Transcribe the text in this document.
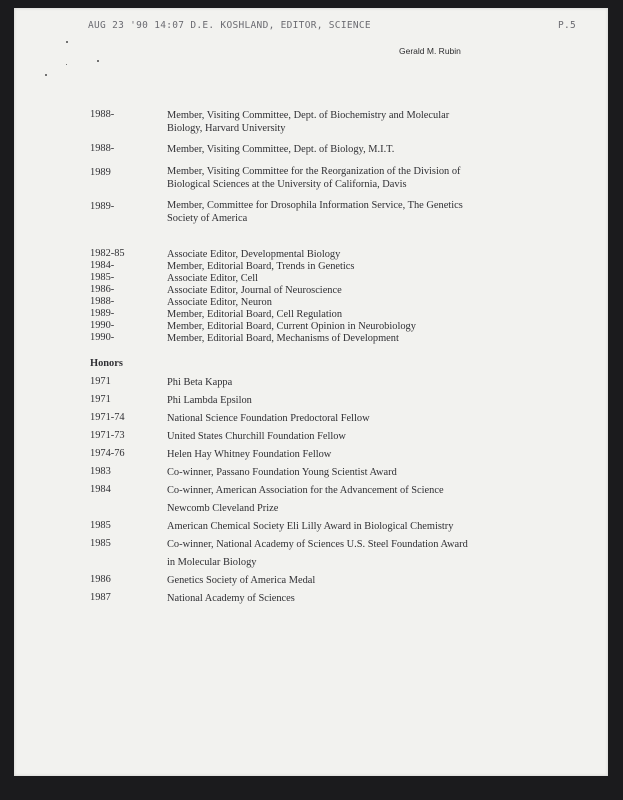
AUG 23 '90 14:07 D.E. KOSHLAND, EDITOR, SCIENCE	P.5
Gerald M. Rubin
1988-	Member, Visiting Committee, Dept. of Biochemistry and Molecular
Biology, Harvard University
1988-	Member, Visiting Committee, Dept. of Biology, M.I.T.
1989	Member, Visiting Committee for the Reorganization of the Division of
Biological Sciences at the University of California, Davis
1989-	Member, Committee for Drosophila Information Service, The Genetics
Society of America
1982-85	Associate Editor, Developmental Biology
1984-	Member, Editorial Board, Trends in Genetics
1985-	Associate Editor, Cell
1986-	Associate Editor, Journal of Neuroscience
1988-	Associate Editor, Neuron
1989-	Member, Editorial Board, Cell Regulation
1990-	Member, Editorial Board, Current Opinion in Neurobiology
1990-	Member, Editorial Board, Mechanisms of Development
Honors
1971	Phi Beta Kappa
1971	Phi Lambda Epsilon
1971-74	National Science Foundation Predoctoral Fellow
1971-73	United States Churchill Foundation Fellow
1974-76	Helen Hay Whitney Foundation Fellow
1983	Co-winner, Passano Foundation Young Scientist Award
1984	Co-winner, American Association for the Advancement of Science
Newcomb Cleveland Prize
1985	American Chemical Society Eli Lilly Award in Biological Chemistry
1985	Co-winner, National Academy of Sciences U.S. Steel Foundation Award
in Molecular Biology
1986	Genetics Society of America Medal
1987	National Academy of Sciences
